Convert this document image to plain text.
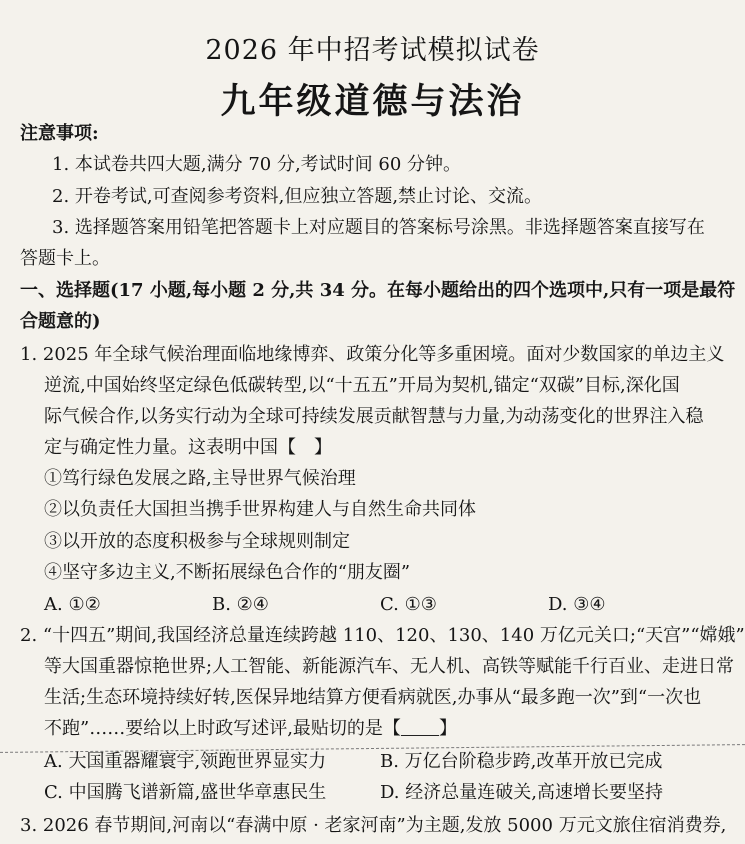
2026 年中招考试模拟试卷
九年级道德与法治
注意事项:
1. 本试卷共四大题,满分 70 分,考试时间 60 分钟。
2. 开卷考试,可查阅参考资料,但应独立答题,禁止讨论、交流。
3. 选择题答案用铅笔把答题卡上对应题目的答案标号涂黑。非选择题答案直接写在
答题卡上。
一、选择题(17 小题,每小题 2 分,共 34 分。在每小题给出的四个选项中,只有一项是最符
合题意的)
1. 2025 年全球气候治理面临地缘博弈、政策分化等多重困境。面对少数国家的单边主义
逆流,中国始终坚定绿色低碳转型,以“十五五”开局为契机,锚定“双碳”目标,深化国
际气候合作,以务实行动为全球可持续发展贡献智慧与力量,为动荡变化的世界注入稳
定与确定性力量。这表明中国【　】
①笃行绿色发展之路,主导世界气候治理
②以负责任大国担当携手世界构建人与自然生命共同体
③以开放的态度积极参与全球规则制定
④坚守多边主义,不断拓展绿色合作的“朋友圈”
A. ①②	B. ②④	C. ①③	D. ③④
2. “十四五”期间,我国经济总量连续跨越 110、120、130、140 万亿元关口;“天宫”“嫦娥”
等大国重器惊艳世界;人工智能、新能源汽车、无人机、高铁等赋能千行百业、走进日常
生活;生态环境持续好转,医保异地结算方便看病就医,办事从“最多跑一次”到“一次也
不跑”……要给以上时政写述评,最贴切的是【 】
A. 大国重器耀寰宇,领跑世界显实力	B. 万亿台阶稳步跨,改革开放已完成
C. 中国腾飞谱新篇,盛世华章惠民生	D. 经济总量连破关,高速增长要坚持
3. 2026 春节期间,河南以“春满中原 · 老家河南”为主题,发放 5000 万元文旅住宿消费券,
